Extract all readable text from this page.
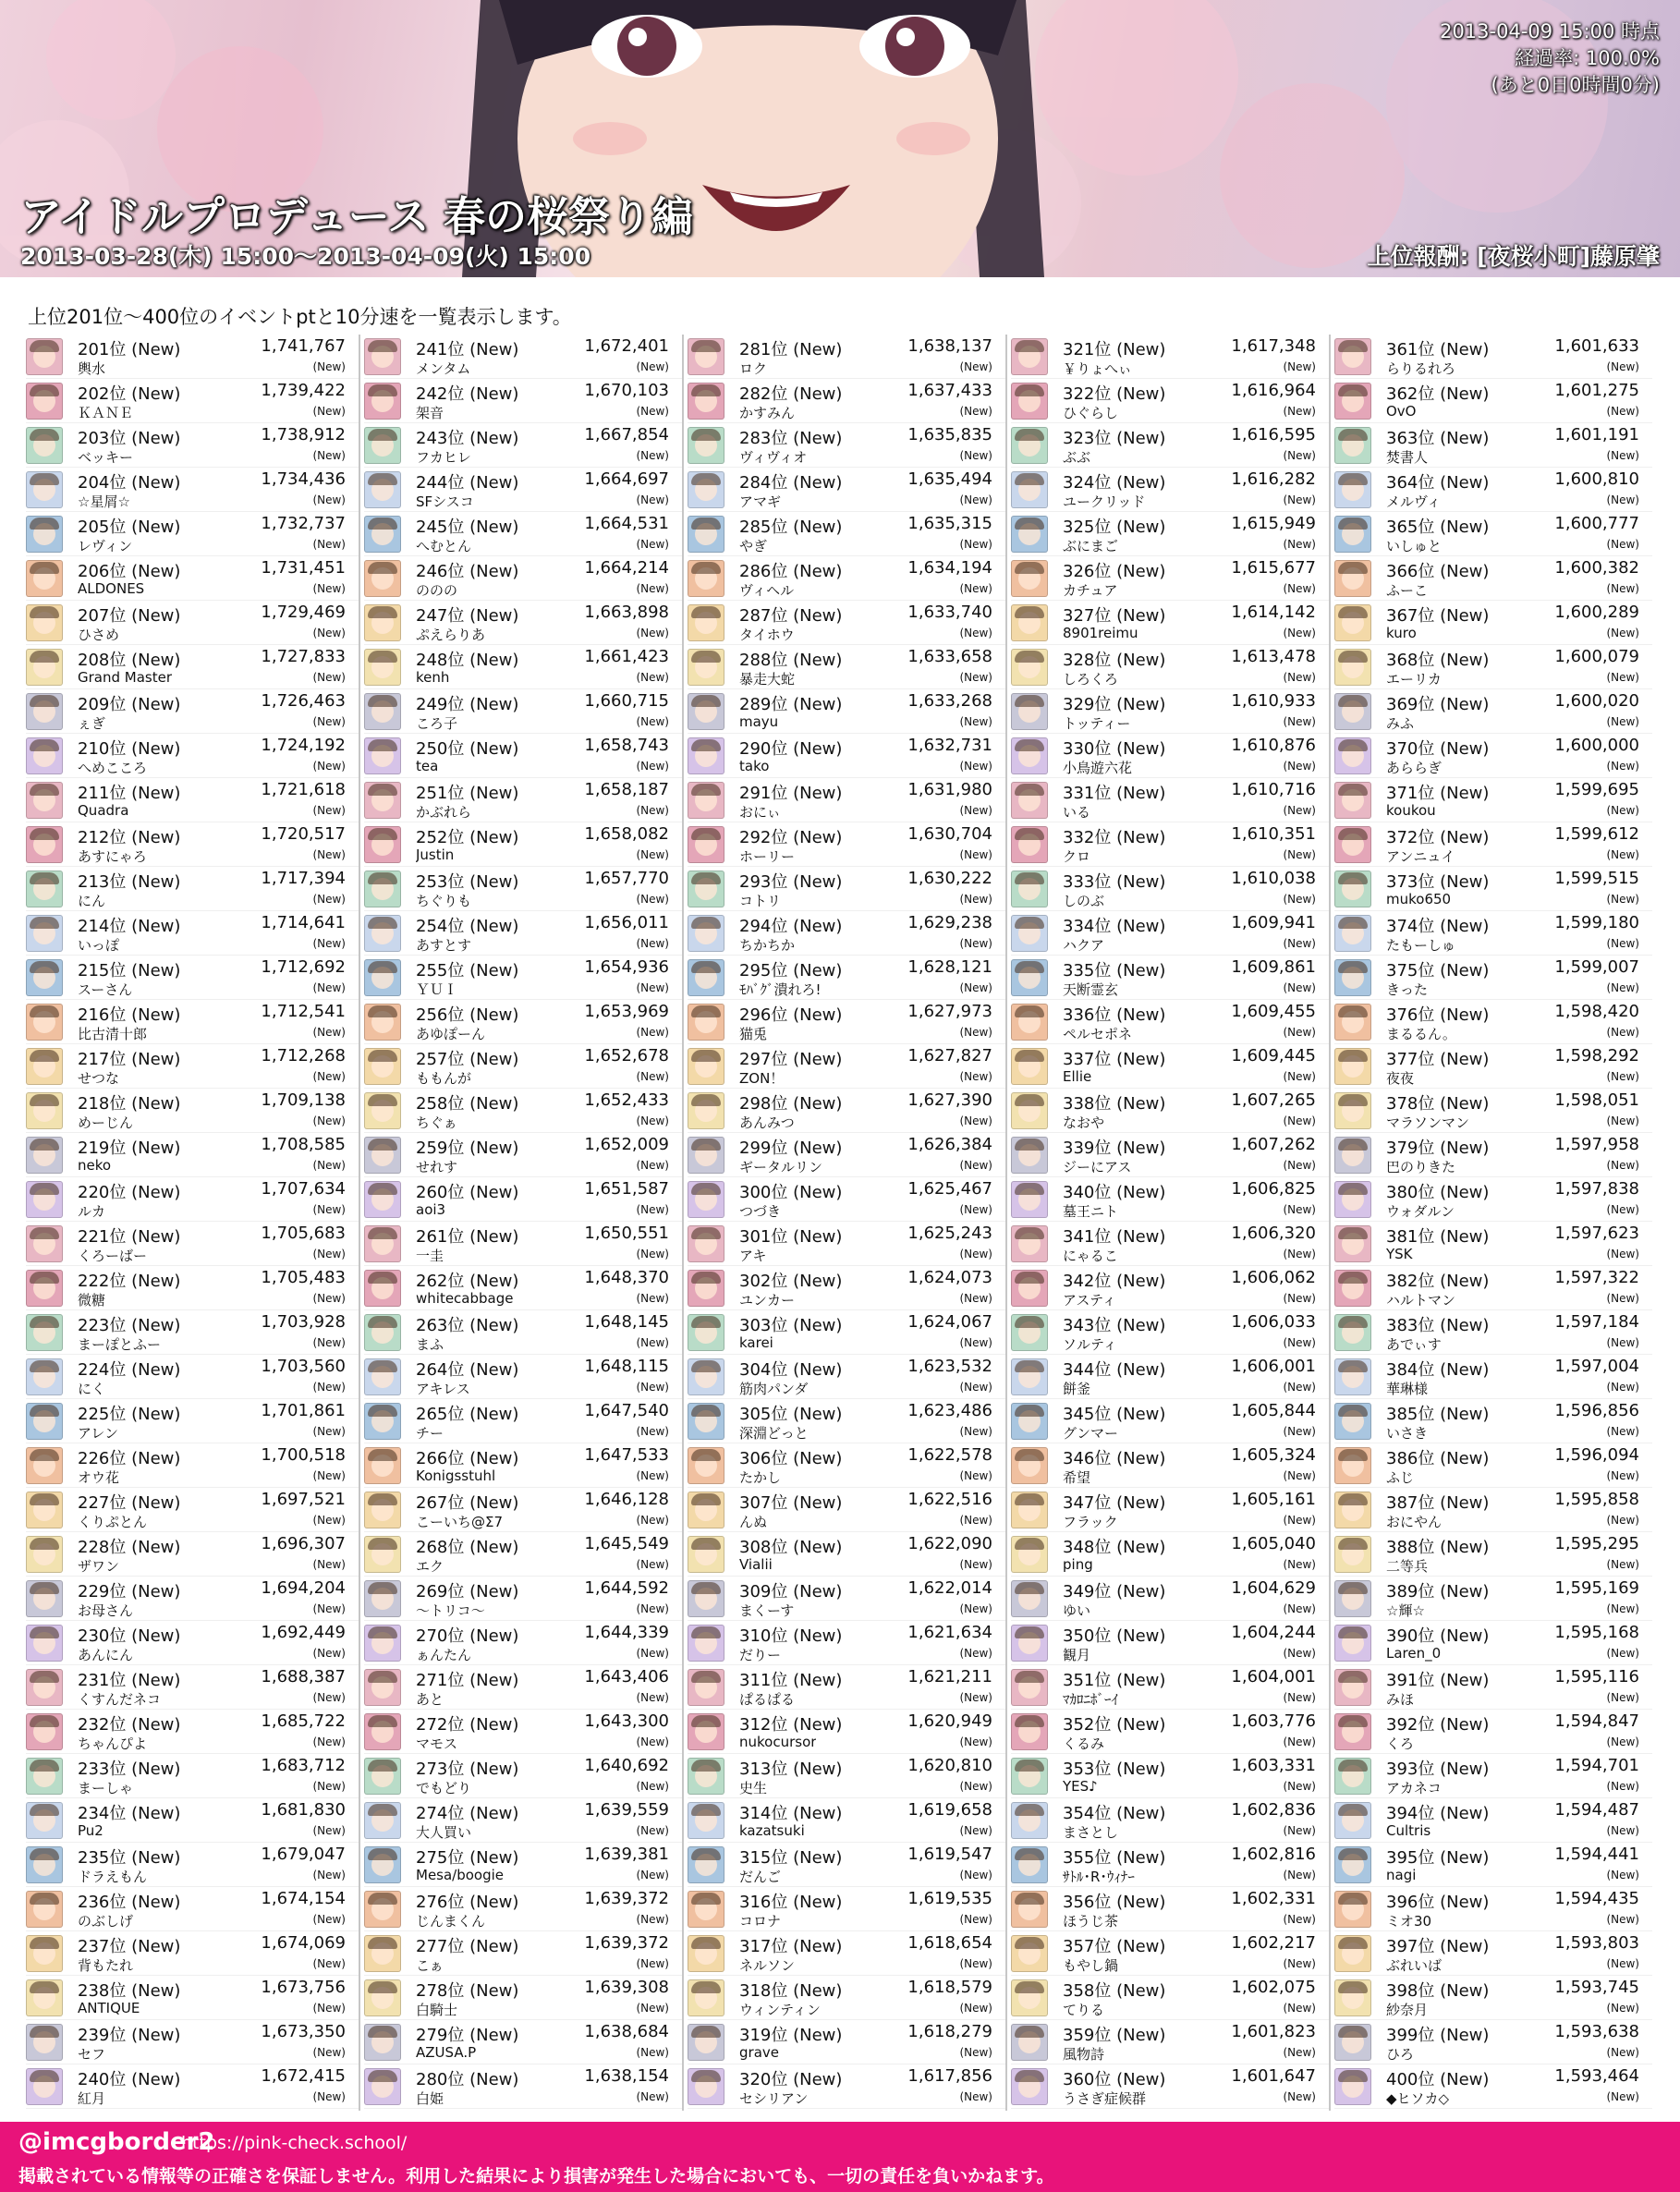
アイドルプロデュース 春の桜祭り編
2013-03-28(木) 15:00～2013-04-09(火) 15:00	上位報酬: [夜桜小町]藤原肇
2013-04-09 15:00 時点
経過率: 100.0%
(あと0日0時間0分)
上位201位～400位のイベントptと10分速を一覧表示します。
201位 (New)	1,741,767
輿水	(New)
202位 (New)	1,739,422
ＫＡＮＥ	(New)
203位 (New)	1,738,912
ベッキー	(New)
204位 (New)	1,734,436
☆星屑☆	(New)
205位 (New)	1,732,737
レヴィン	(New)
206位 (New)	1,731,451
ALDONES	(New)
207位 (New)	1,729,469
ひさめ	(New)
208位 (New)	1,727,833
Grand Master	(New)
209位 (New)	1,726,463
ぇぎ	(New)
210位 (New)	1,724,192
へめこころ	(New)
211位 (New)	1,721,618
Quadra	(New)
212位 (New)	1,720,517
あすにゃろ	(New)
213位 (New)	1,717,394
にん	(New)
214位 (New)	1,714,641
いっぽ	(New)
215位 (New)	1,712,692
スーさん	(New)
216位 (New)	1,712,541
比古清十郎	(New)
217位 (New)	1,712,268
せつな	(New)
218位 (New)	1,709,138
めーじん	(New)
219位 (New)	1,708,585
neko	(New)
220位 (New)	1,707,634
ルカ	(New)
221位 (New)	1,705,683
くろーばー	(New)
222位 (New)	1,705,483
微糖	(New)
223位 (New)	1,703,928
まーぽとふー	(New)
224位 (New)	1,703,560
にく	(New)
225位 (New)	1,701,861
アレン	(New)
226位 (New)	1,700,518
オウ花	(New)
227位 (New)	1,697,521
くりぷとん	(New)
228位 (New)	1,696,307
ザワン	(New)
229位 (New)	1,694,204
お母さん	(New)
230位 (New)	1,692,449
あんにん	(New)
231位 (New)	1,688,387
くすんだネコ	(New)
232位 (New)	1,685,722
ちゃんぴよ	(New)
233位 (New)	1,683,712
まーしゃ	(New)
234位 (New)	1,681,830
Pu2	(New)
235位 (New)	1,679,047
ドラえもん	(New)
236位 (New)	1,674,154
のぶしげ	(New)
237位 (New)	1,674,069
背もたれ	(New)
238位 (New)	1,673,756
ANTIQUE	(New)
239位 (New)	1,673,350
セフ	(New)
240位 (New)	1,672,415
紅月	(New)
241位 (New)	1,672,401
メンタム	(New)
242位 (New)	1,670,103
架音	(New)
243位 (New)	1,667,854
フカヒレ	(New)
244位 (New)	1,664,697
SFシスコ	(New)
245位 (New)	1,664,531
へむとん	(New)
246位 (New)	1,664,214
ののの	(New)
247位 (New)	1,663,898
ぷえらりあ	(New)
248位 (New)	1,661,423
kenh	(New)
249位 (New)	1,660,715
ころ子	(New)
250位 (New)	1,658,743
tea	(New)
251位 (New)	1,658,187
かぶれら	(New)
252位 (New)	1,658,082
Justin	(New)
253位 (New)	1,657,770
ちぐりも	(New)
254位 (New)	1,656,011
あすとす	(New)
255位 (New)	1,654,936
ＹＵＩ	(New)
256位 (New)	1,653,969
あゆぽーん	(New)
257位 (New)	1,652,678
ももんが	(New)
258位 (New)	1,652,433
ちぐぁ	(New)
259位 (New)	1,652,009
せれす	(New)
260位 (New)	1,651,587
aoi3	(New)
261位 (New)	1,650,551
一圭	(New)
262位 (New)	1,648,370
whitecabbage	(New)
263位 (New)	1,648,145
まふ	(New)
264位 (New)	1,648,115
アキレス	(New)
265位 (New)	1,647,540
チー	(New)
266位 (New)	1,647,533
Konigsstuhl	(New)
267位 (New)	1,646,128
こーいち@Σ7	(New)
268位 (New)	1,645,549
エク	(New)
269位 (New)	1,644,592
～トリコ～	(New)
270位 (New)	1,644,339
ぁんたん	(New)
271位 (New)	1,643,406
あと	(New)
272位 (New)	1,643,300
マモス	(New)
273位 (New)	1,640,692
でもどり	(New)
274位 (New)	1,639,559
大人買い	(New)
275位 (New)	1,639,381
Mesa/boogie	(New)
276位 (New)	1,639,372
じんまくん	(New)
277位 (New)	1,639,372
こぁ	(New)
278位 (New)	1,639,308
白騎士	(New)
279位 (New)	1,638,684
AZUSA.P	(New)
280位 (New)	1,638,154
白姫	(New)
281位 (New)	1,638,137
ロク	(New)
282位 (New)	1,637,433
かすみん	(New)
283位 (New)	1,635,835
ヴィヴィオ	(New)
284位 (New)	1,635,494
アマギ	(New)
285位 (New)	1,635,315
やぎ	(New)
286位 (New)	1,634,194
ヴィヘル	(New)
287位 (New)	1,633,740
タイホウ	(New)
288位 (New)	1,633,658
暴走大蛇	(New)
289位 (New)	1,633,268
mayu	(New)
290位 (New)	1,632,731
tako	(New)
291位 (New)	1,631,980
おにぃ	(New)
292位 (New)	1,630,704
ホーリー	(New)
293位 (New)	1,630,222
コトリ	(New)
294位 (New)	1,629,238
ちかちか	(New)
295位 (New)	1,628,121
ﾓﾊﾞｸﾞ潰れろ!	(New)
296位 (New)	1,627,973
猫兎	(New)
297位 (New)	1,627,827
ZON！	(New)
298位 (New)	1,627,390
あんみつ	(New)
299位 (New)	1,626,384
ギータルリン	(New)
300位 (New)	1,625,467
つづき	(New)
301位 (New)	1,625,243
アキ	(New)
302位 (New)	1,624,073
ユンカー	(New)
303位 (New)	1,624,067
karei	(New)
304位 (New)	1,623,532
筋肉パンダ	(New)
305位 (New)	1,623,486
深淵どっと	(New)
306位 (New)	1,622,578
たかし	(New)
307位 (New)	1,622,516
んぬ	(New)
308位 (New)	1,622,090
Vialii	(New)
309位 (New)	1,622,014
まくーす	(New)
310位 (New)	1,621,634
だりー	(New)
311位 (New)	1,621,211
ぱるぱる	(New)
312位 (New)	1,620,949
nukocursor	(New)
313位 (New)	1,620,810
史生	(New)
314位 (New)	1,619,658
kazatsuki	(New)
315位 (New)	1,619,547
だんご	(New)
316位 (New)	1,619,535
コロナ	(New)
317位 (New)	1,618,654
ネルソン	(New)
318位 (New)	1,618,579
ウィンティン	(New)
319位 (New)	1,618,279
grave	(New)
320位 (New)	1,617,856
セシリアン	(New)
321位 (New)	1,617,348
￥りょへぃ	(New)
322位 (New)	1,616,964
ひぐらし	(New)
323位 (New)	1,616,595
ぶぶ	(New)
324位 (New)	1,616,282
ユークリッド	(New)
325位 (New)	1,615,949
ぶにまご	(New)
326位 (New)	1,615,677
カチュア	(New)
327位 (New)	1,614,142
8901reimu	(New)
328位 (New)	1,613,478
しろくろ	(New)
329位 (New)	1,610,933
トッティー	(New)
330位 (New)	1,610,876
小鳥遊六花	(New)
331位 (New)	1,610,716
いる	(New)
332位 (New)	1,610,351
クロ	(New)
333位 (New)	1,610,038
しのぶ	(New)
334位 (New)	1,609,941
ハクア	(New)
335位 (New)	1,609,861
天断霊玄	(New)
336位 (New)	1,609,455
ペルセポネ	(New)
337位 (New)	1,609,445
Ellie	(New)
338位 (New)	1,607,265
なおや	(New)
339位 (New)	1,607,262
ジーにアス	(New)
340位 (New)	1,606,825
墓王ニト	(New)
341位 (New)	1,606,320
にゃるこ	(New)
342位 (New)	1,606,062
アスティ	(New)
343位 (New)	1,606,033
ソルティ	(New)
344位 (New)	1,606,001
餅釜	(New)
345位 (New)	1,605,844
グンマー	(New)
346位 (New)	1,605,324
希望	(New)
347位 (New)	1,605,161
フラック	(New)
348位 (New)	1,605,040
ping	(New)
349位 (New)	1,604,629
ゆい	(New)
350位 (New)	1,604,244
観月	(New)
351位 (New)	1,604,001
ﾏｶﾛﾆﾎﾞｰｲ	(New)
352位 (New)	1,603,776
くるみ	(New)
353位 (New)	1,603,331
YES♪	(New)
354位 (New)	1,602,836
まさとし	(New)
355位 (New)	1,602,816
ｻﾄﾙ･R･ｳｨﾅｰ	(New)
356位 (New)	1,602,331
ほうじ茶	(New)
357位 (New)	1,602,217
もやし鍋	(New)
358位 (New)	1,602,075
てりる	(New)
359位 (New)	1,601,823
風物詩	(New)
360位 (New)	1,601,647
うさぎ症候群	(New)
361位 (New)	1,601,633
らりるれろ	(New)
362位 (New)	1,601,275
OvO	(New)
363位 (New)	1,601,191
焚書人	(New)
364位 (New)	1,600,810
メルヴィ	(New)
365位 (New)	1,600,777
いしゅと	(New)
366位 (New)	1,600,382
ふーこ	(New)
367位 (New)	1,600,289
kuro	(New)
368位 (New)	1,600,079
エーリカ	(New)
369位 (New)	1,600,020
みふ	(New)
370位 (New)	1,600,000
あららぎ	(New)
371位 (New)	1,599,695
koukou	(New)
372位 (New)	1,599,612
アンニュイ	(New)
373位 (New)	1,599,515
muko650	(New)
374位 (New)	1,599,180
たもーしゅ	(New)
375位 (New)	1,599,007
きった	(New)
376位 (New)	1,598,420
まるるん。	(New)
377位 (New)	1,598,292
夜夜	(New)
378位 (New)	1,598,051
マラソンマン	(New)
379位 (New)	1,597,958
巴のりきた	(New)
380位 (New)	1,597,838
ウォダルン	(New)
381位 (New)	1,597,623
YSK	(New)
382位 (New)	1,597,322
ハルトマン	(New)
383位 (New)	1,597,184
あでぃす	(New)
384位 (New)	1,597,004
華琳様	(New)
385位 (New)	1,596,856
いさき	(New)
386位 (New)	1,596,094
ふじ	(New)
387位 (New)	1,595,858
おにやん	(New)
388位 (New)	1,595,295
二等兵	(New)
389位 (New)	1,595,169
☆輝☆	(New)
390位 (New)	1,595,168
Laren_0	(New)
391位 (New)	1,595,116
みほ	(New)
392位 (New)	1,594,847
くろ	(New)
393位 (New)	1,594,701
アカネコ	(New)
394位 (New)	1,594,487
Cultris	(New)
395位 (New)	1,594,441
nagi	(New)
396位 (New)	1,594,435
ミオ30	(New)
397位 (New)	1,593,803
ぶれいば	(New)
398位 (New)	1,593,745
紗奈月	(New)
399位 (New)	1,593,638
ひろ	(New)
400位 (New)	1,593,464
◆ヒソカ◇	(New)
@imcgborder2
https://pink-check.school/
掲載されている情報等の正確さを保証しません。利用した結果により損害が発生した場合においても、一切の責任を負いかねます。
